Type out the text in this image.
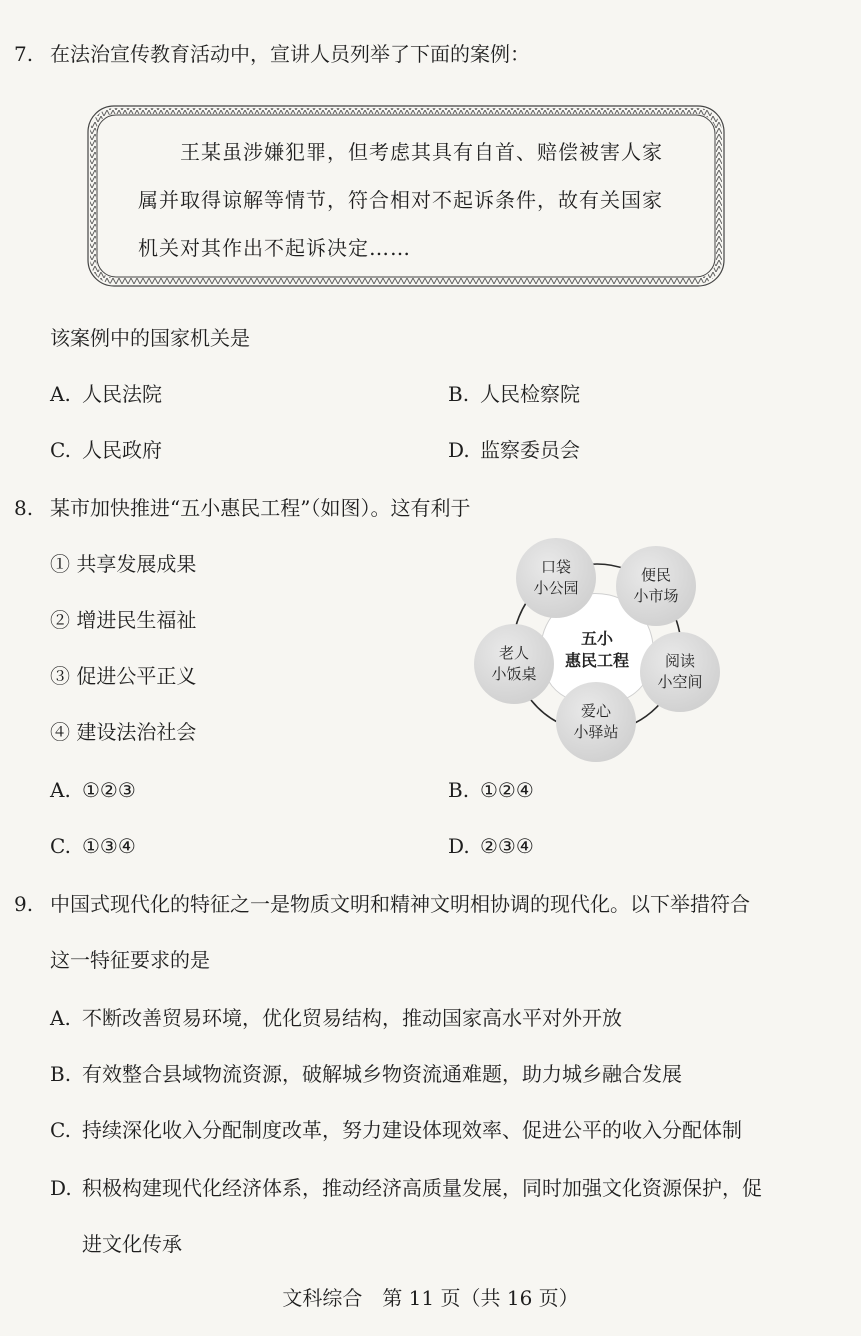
7. 在法治宣传教育活动中，宣讲人员列举了下面的案例：
王某虽涉嫌犯罪，但考虑其具有自首、赔偿被害人家
属并取得谅解等情节，符合相对不起诉条件，故有关国家
机关对其作出不起诉决定……
该案例中的国家机关是
A. 人民法院	B. 人民检察院
C. 人民政府	D. 监察委员会
8. 某市加快推进“五小惠民工程”（如图）。这有利于
① 共享发展成果
② 增进民生福祉
③ 促进公平正义
④ 建设法治社会
五小
惠民工程
口袋
小公园
便民
小市场
阅读
小空间
爱心
小驿站
老人
小饭桌
A. ①②③	B. ①②④
C. ①③④	D. ②③④
9. 中国式现代化的特征之一是物质文明和精神文明相协调的现代化。以下举措符合
这一特征要求的是
A. 不断改善贸易环境，优化贸易结构，推动国家高水平对外开放
B. 有效整合县域物流资源，破解城乡物资流通难题，助力城乡融合发展
C. 持续深化收入分配制度改革，努力建设体现效率、促进公平的收入分配体制
D. 积极构建现代化经济体系，推动经济高质量发展，同时加强文化资源保护，促
进文化传承
文科综合　第 11 页（共 16 页）
